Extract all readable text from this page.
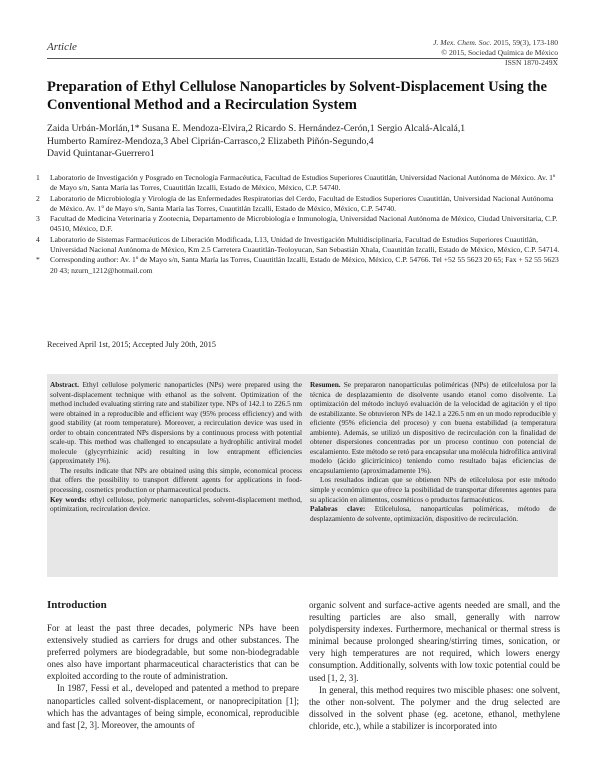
J. Mex. Chem. Soc. 2015, 59(3), 173-180
© 2015, Sociedad Química de México
ISSN 1870-249X
Article
Preparation of Ethyl Cellulose Nanoparticles by Solvent-Displacement Using the Conventional Method and a Recirculation System
Zaida Urbán-Morlán,1* Susana E. Mendoza-Elvira,2 Ricardo S. Hernández-Cerón,1 Sergio Alcalá-Alcalá,1
Humberto Ramírez-Mendoza,3 Abel Ciprián-Carrasco,2 Elizabeth Piñón-Segundo,4
David Quintanar-Guerrero1
1 Laboratorio de Investigación y Posgrado en Tecnología Farmacéutica, Facultad de Estudios Superiores Cuautitlán, Universidad Nacional Autónoma de México. Av. 1º de Mayo s/n, Santa María las Torres, Cuautitlán Izcalli, Estado de México, México, C.P. 54740.
2 Laboratorio de Microbiología y Virología de las Enfermedades Respiratorias del Cerdo, Facultad de Estudios Superiores Cuautitlán, Universidad Nacional Autónoma de México. Av. 1º de Mayo s/n, Santa María las Torres, Cuautitlán Izcalli, Estado de México, México, C.P. 54740.
3 Facultad de Medicina Veterinaria y Zootecnia, Departamento de Microbiología e Inmunología, Universidad Nacional Autónoma de México, Ciudad Universitaria, C.P. 04510, México, D.F.
4 Laboratorio de Sistemas Farmacéuticos de Liberación Modificada, L13, Unidad de Investigación Multidisciplinaria, Facultad de Estudios Superiores Cuautitlán, Universidad Nacional Autónoma de México, Km 2.5 Carretera Cuautitlán-Teoloyucan, San Sebastián Xhala, Cuautitlán Izcalli, Estado de México, México, C.P. 54714.
* Corresponding author: Av. 1º de Mayo s/n, Santa María las Torres, Cuautitlán Izcalli, Estado de México, México, C.P. 54766. Tel +52 55 5623 20 65; Fax + 52 55 5623 20 43; nzurn_1212@hotmail.com
Received April 1st, 2015; Accepted July 20th, 2015

Abstract. Ethyl cellulose polymeric nanoparticles (NPs) were prepared using the solvent-displacement technique with ethanol as the solvent. Optimization of the method included evaluating stirring rate and stabilizer type. NPs of 142.1 to 226.5 nm were obtained in a reproducible and efficient way (95% process efficiency) and with good stability (at room temperature). Moreover, a recirculation device was used in order to obtain concentrated NPs dispersions by a continuous process with potential scale-up. This method was challenged to encapsulate a hydrophilic antiviral model molecule (glycyrrhizinic acid) resulting in low entrapment efficiencies (approximately 1%).

The results indicate that NPs are obtained using this simple, economical process that offers the possibility to transport different agents for applications in food-processing, cosmetics production or pharmaceutical products.

Key words: ethyl cellulose, polymeric nanoparticles, solvent-displacement method, optimization, recirculation device.

Resumen. Se prepararon nanopartículas poliméricas (NPs) de etilcelulosa por la técnica de desplazamiento de disolvente usando etanol como disolvente. La optimización del método incluyó evaluación de la velocidad de agitación y el tipo de estabilizante. Se obtuvieron NPs de 142.1 a 226.5 nm en un modo reproducible y eficiente (95% eficiencia del proceso) y con buena estabilidad (a temperatura ambiente). Además, se utilizó un dispositivo de recirculación con la finalidad de obtener dispersiones concentradas por un proceso continuo con potencial de escalamiento. Este método se retó para encapsular una molécula hidrofílica antiviral modelo (ácido glicirrícinico) teniendo como resultado bajas eficiencias de encapsulamiento (aproximadamente 1%).

Los resultados indican que se obtienen NPs de etilcelulosa por este método simple y económico que ofrece la posibilidad de transportar diferentes agentes para su aplicación en alimentos, cosméticos o productos farmacéuticos.

Palabras clave: Etilcelulosa, nanopartículas poliméricas, método de desplazamiento de solvente, optimización, dispositivo de recirculación.

Introduction

For at least the past three decades, polymeric NPs have been extensively studied as carriers for drugs and other substances. The preferred polymers are biodegradable, but some non-biodegradable ones also have important pharmaceutical characteristics that can be exploited according to the route of administration.

In 1987, Fessi et al., developed and patented a method to prepare nanoparticles called solvent-displacement, or nanoprecipitation [1]; which has the advantages of being simple, economical, reproducible and fast [2, 3]. Moreover, the amounts of

organic solvent and surface-active agents needed are small, and the resulting particles are also small, generally with narrow polydispersity indexes. Furthermore, mechanical or thermal stress is minimal because prolonged shearing/stirring times, sonication, or very high temperatures are not required, which lowers energy consumption. Additionally, solvents with low toxic potential could be used [1, 2, 3].

In general, this method requires two miscible phases: one solvent, the other non-solvent. The polymer and the drug selected are dissolved in the solvent phase (eg. acetone, ethanol, methylene chloride, etc.), while a stabilizer is incorporated into
